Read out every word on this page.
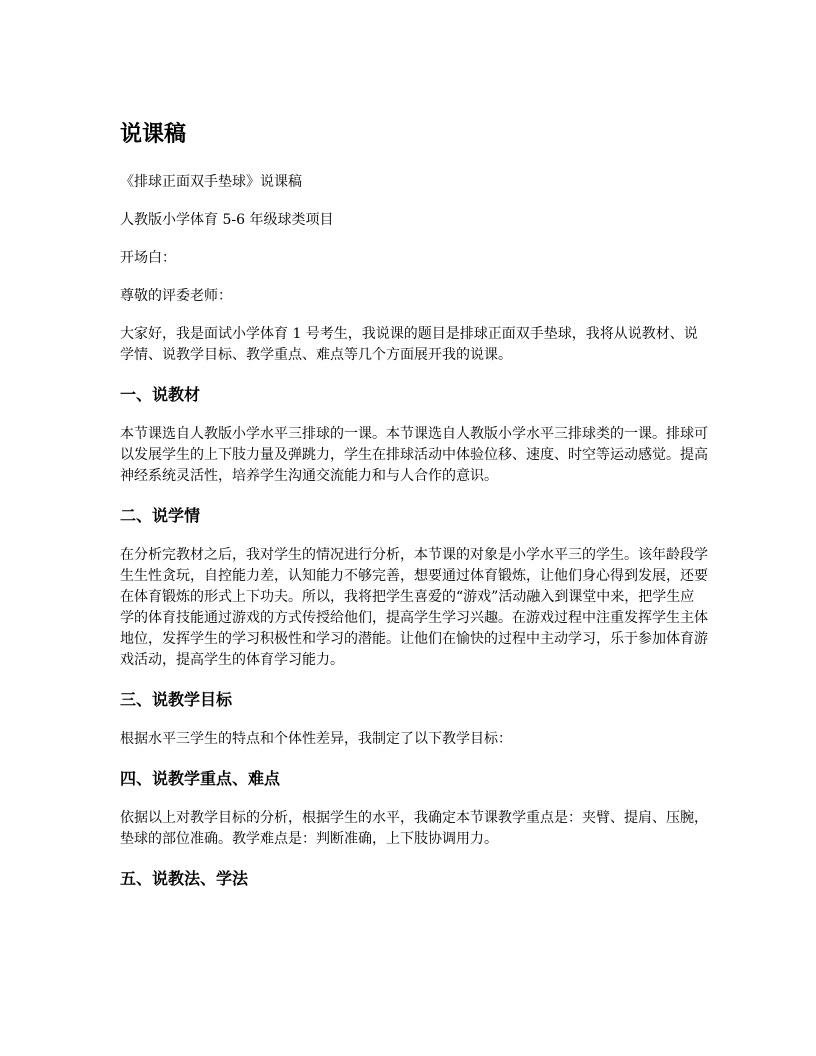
说课稿

《排球正面双手垫球》说课稿

人教版小学体育 5-6 年级球类项目

开场白：

尊敬的评委老师：

大家好，我是面试小学体育 1 号考生，我说课的题目是排球正面双手垫球，我将从说教材、说学情、说教学目标、教学重点、难点等几个方面展开我的说课。

一、说教材

本节课选自人教版小学水平三排球的一课。本节课选自人教版小学水平三排球类的一课。排球可以发展学生的上下肢力量及弹跳力，学生在排球活动中体验位移、速度、时空等运动感觉。提高神经系统灵活性，培养学生沟通交流能力和与人合作的意识。

二、说学情

在分析完教材之后，我对学生的情况进行分析，本节课的对象是小学水平三的学生。该年龄段学生生性贪玩，自控能力差，认知能力不够完善，想要通过体育锻炼，让他们身心得到发展，还要在体育锻炼的形式上下功夫。所以，我将把学生喜爱的“游戏”活动融入到课堂中来，把学生应学的体育技能通过游戏的方式传授给他们，提高学生学习兴趣。在游戏过程中注重发挥学生主体地位，发挥学生的学习积极性和学习的潜能。让他们在愉快的过程中主动学习，乐于参加体育游戏活动，提高学生的体育学习能力。

三、说教学目标

根据水平三学生的特点和个体性差异，我制定了以下教学目标：

四、说教学重点、难点

依据以上对教学目标的分析，根据学生的水平，我确定本节课教学重点是：夹臂、提肩、压腕，垫球的部位准确。教学难点是：判断准确，上下肢协调用力。

五、说教法、学法
